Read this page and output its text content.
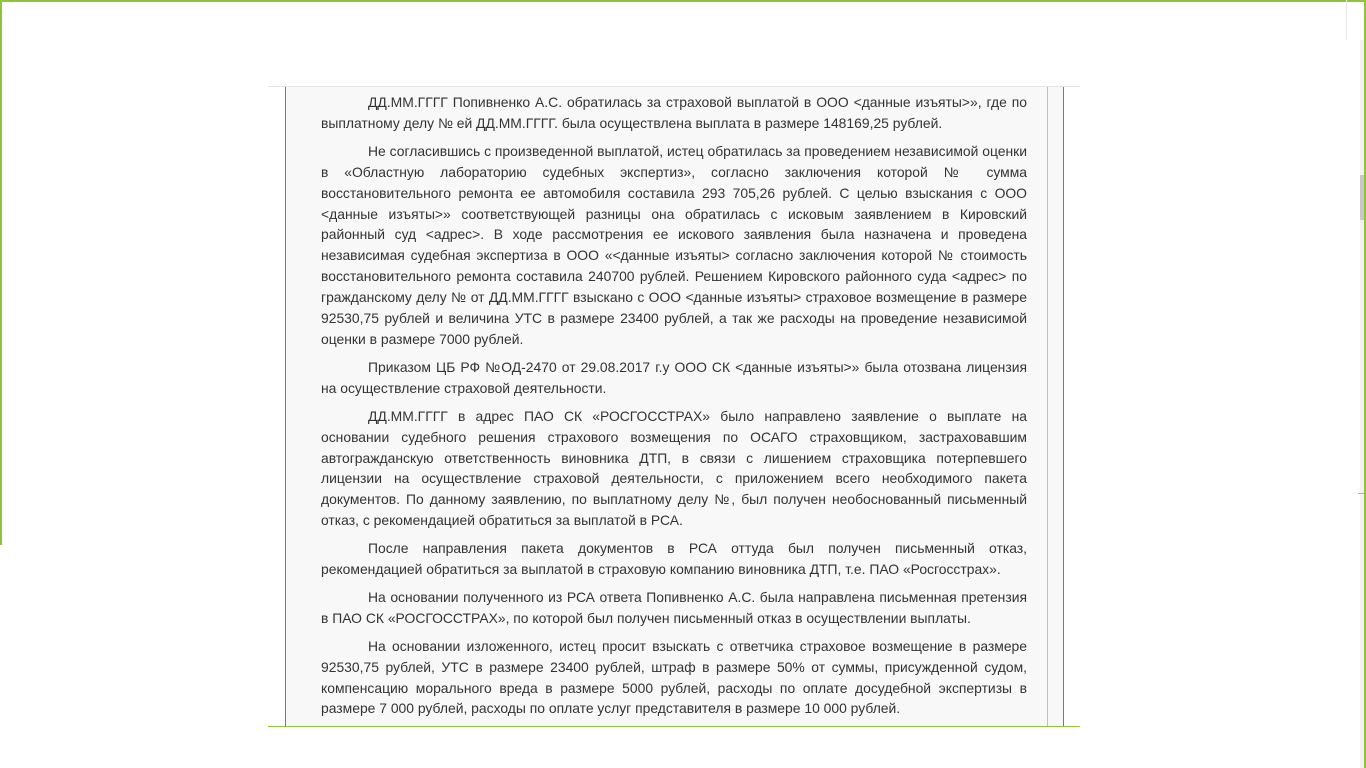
ДД.ММ.ГГГГ Попивненко А.С. обратилась за страховой выплатой в ООО <данные изъяты>», где по выплатному делу № ей ДД.ММ.ГГГГ. была осуществлена выплата в размере 148169,25 рублей.

Не согласившись с произведенной выплатой, истец обратилась за проведением независимой оценки в «Областную лабораторию судебных экспертиз», согласно заключения которой № сумма восстановительного ремонта ее автомобиля составила 293 705,26 рублей. С целью взыскания с ООО <данные изъяты>» соответствующей разницы она обратилась с исковым заявлением в Кировский районный суд <адрес>. В ходе рассмотрения ее искового заявления была назначена и проведена независимая судебная экспертиза в ООО «<данные изъяты> согласно заключения которой № стоимость восстановительного ремонта составила 240700 рублей. Решением Кировского районного суда <адрес> по гражданскому делу № от ДД.ММ.ГГГГ взыскано с ООО <данные изъяты> страховое возмещение в размере 92530,75 рублей и величина УТС в размере 23400 рублей, а так же расходы на проведение независимой оценки в размере 7000 рублей.

Приказом ЦБ РФ №ОД-2470 от 29.08.2017 г.у ООО СК <данные изъяты>» была отозвана лицензия на осуществление страховой деятельности.

ДД.ММ.ГГГГ в адрес ПАО СК «РОСГОССТРАХ» было направлено заявление о выплате на основании судебного решения страхового возмещения по ОСАГО страховщиком, застраховавшим автогражданскую ответственность виновника ДТП, в связи с лишением страховщика потерпевшего лицензии на осуществление страховой деятельности, с приложением всего необходимого пакета документов. По данному заявлению, по выплатному делу №, был получен необоснованный письменный отказ, с рекомендацией обратиться за выплатой в РСА.

После направления пакета документов в РСА оттуда был получен письменный отказ, рекомендацией обратиться за выплатой в страховую компанию виновника ДТП, т.е. ПАО «Росгосстрах».

На основании полученного из РСА ответа Попивненко А.С. была направлена письменная претензия в ПАО СК «РОСГОССТРАХ», по которой был получен письменный отказ в осуществлении выплаты.

На основании изложенного, истец просит взыскать с ответчика страховое возмещение в размере 92530,75 рублей, УТС в размере 23400 рублей, штраф в размере 50% от суммы, присужденной судом, компенсацию морального вреда в размере 5000 рублей, расходы по оплате досудебной экспертизы в размере 7 000 рублей, расходы по оплате услуг представителя в размере 10 000 рублей.
